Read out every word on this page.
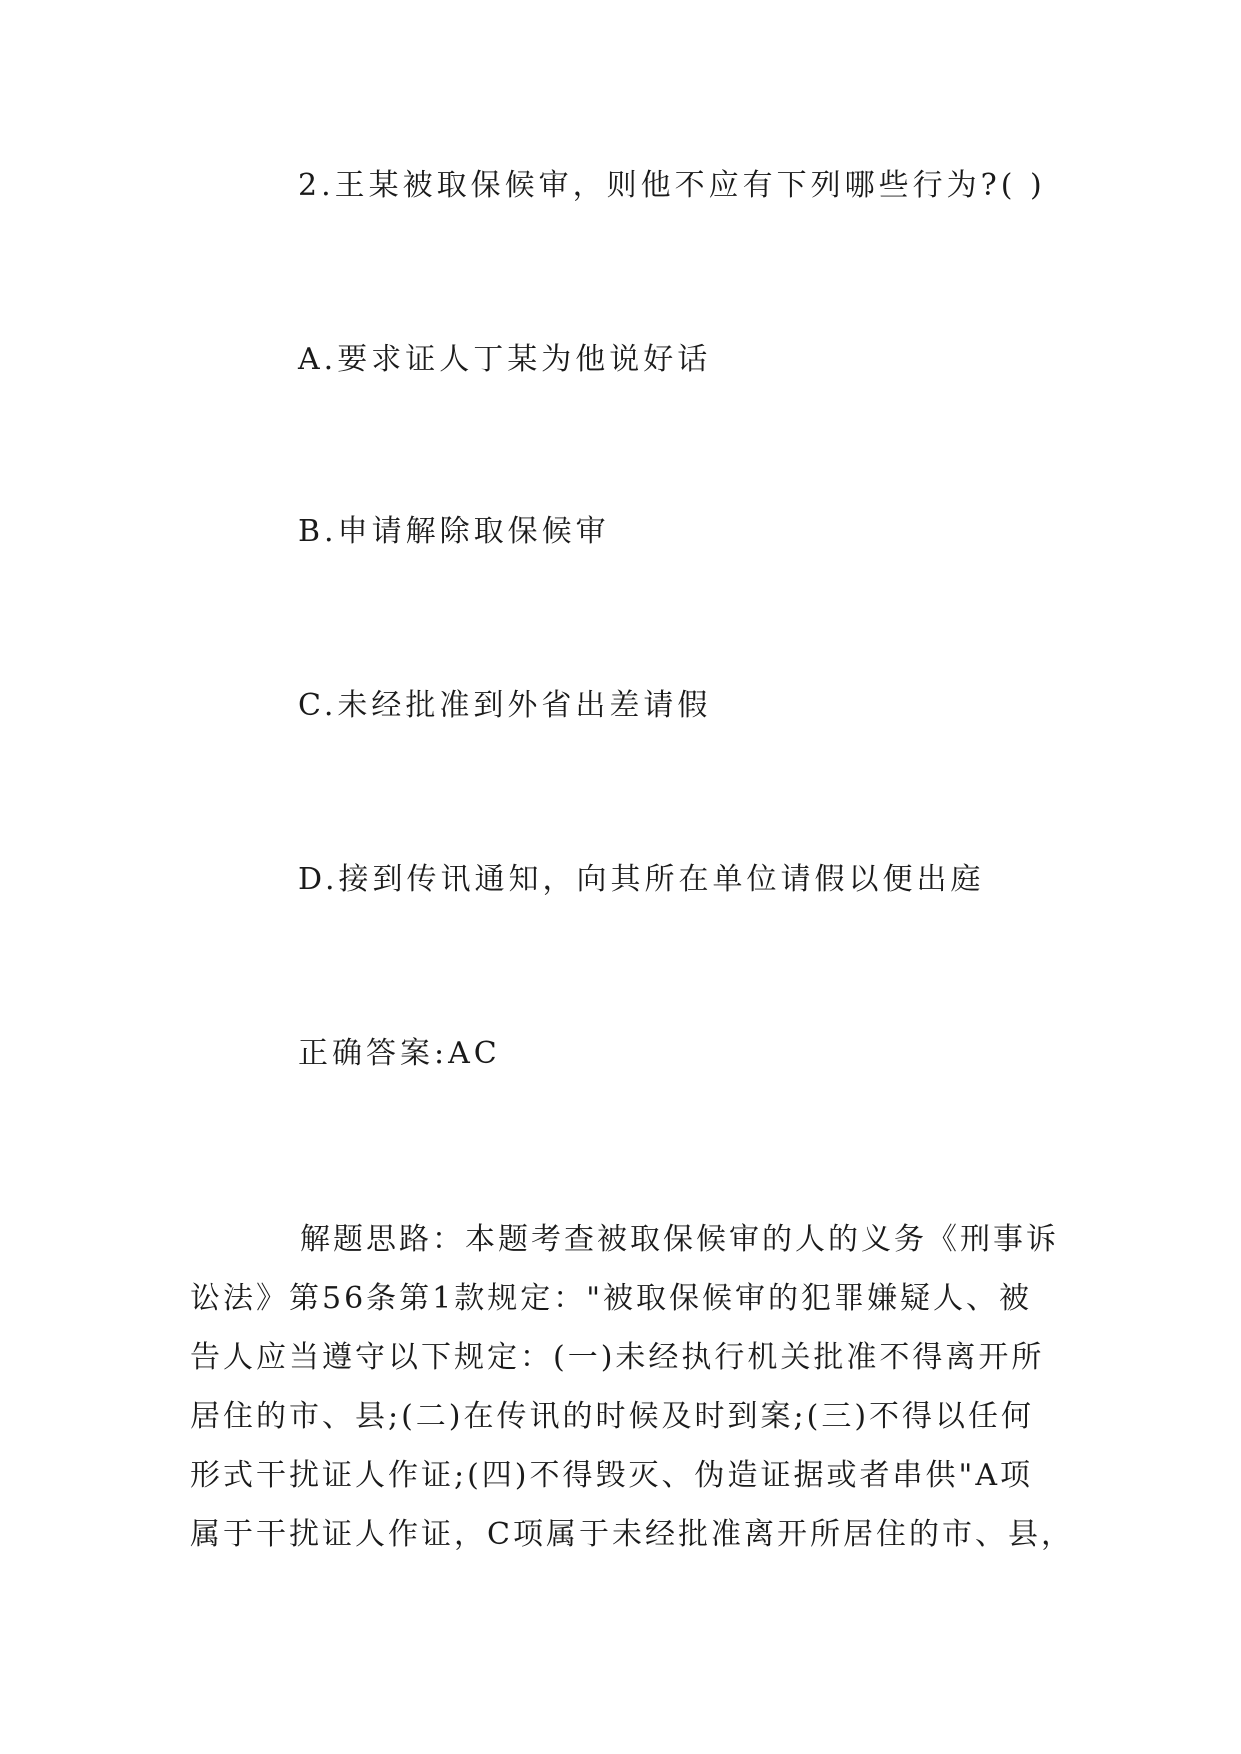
2.王某被取保候审，则他不应有下列哪些行为?( )
A.要求证人丁某为他说好话
B.申请解除取保候审
C.未经批准到外省出差请假
D.接到传讯通知，向其所在单位请假以便出庭
正确答案:AC
解题思路：本题考查被取保候审的人的义务《刑事诉
讼法》第56条第1款规定："被取保候审的犯罪嫌疑人、被
告人应当遵守以下规定：(一)未经执行机关批准不得离开所
居住的市、县;(二)在传讯的时候及时到案;(三)不得以任何
形式干扰证人作证;(四)不得毁灭、伪造证据或者串供"A项
属于干扰证人作证，C项属于未经批准离开所居住的市、县，
